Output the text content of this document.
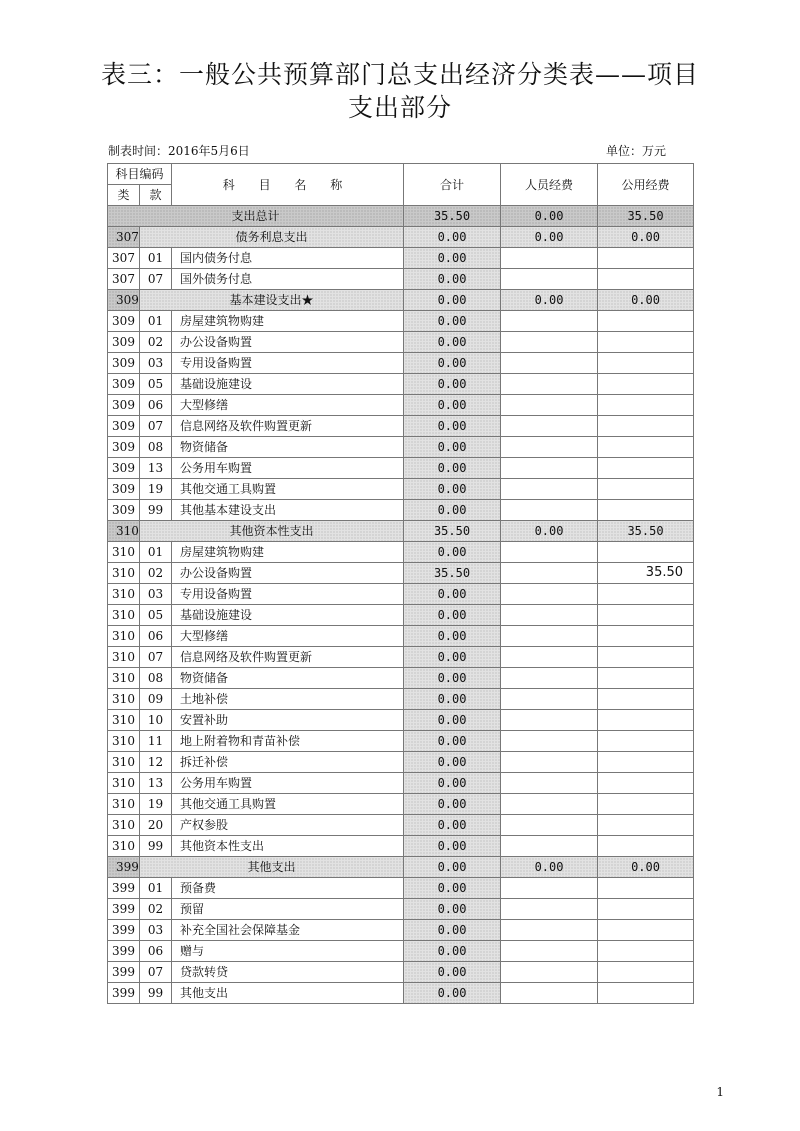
表三：一般公共预算部门总支出经济分类表——项目
支出部分
制表时间：2016年5月6日	单位：万元
科目编码		科 目 名 称	合计	人员经费	公用经费
类	款				
支出总计			35.50	0.00	35.50
307	债务利息支出		0.00	0.00	0.00
307	01	国内债务付息	0.00		
307	07	国外债务付息	0.00		
309	基本建设支出★		0.00	0.00	0.00
309	01	房屋建筑物购建	0.00		
309	02	办公设备购置	0.00		
309	03	专用设备购置	0.00		
309	05	基础设施建设	0.00		
309	06	大型修缮	0.00		
309	07	信息网络及软件购置更新	0.00		
309	08	物资储备	0.00		
309	13	公务用车购置	0.00		
309	19	其他交通工具购置	0.00		
309	99	其他基本建设支出	0.00		
310	其他资本性支出		35.50	0.00	35.50
310	01	房屋建筑物购建	0.00		
310	02	办公设备购置	35.50		35.50
310	03	专用设备购置	0.00		
310	05	基础设施建设	0.00		
310	06	大型修缮	0.00		
310	07	信息网络及软件购置更新	0.00		
310	08	物资储备	0.00		
310	09	土地补偿	0.00		
310	10	安置补助	0.00		
310	11	地上附着物和青苗补偿	0.00		
310	12	拆迁补偿	0.00		
310	13	公务用车购置	0.00		
310	19	其他交通工具购置	0.00		
310	20	产权参股	0.00		
310	99	其他资本性支出	0.00		
399	其他支出		0.00	0.00	0.00
399	01	预备费	0.00		
399	02	预留	0.00		
399	03	补充全国社会保障基金	0.00		
399	06	赠与	0.00		
399	07	贷款转贷	0.00		
399	99	其他支出	0.00		
1
